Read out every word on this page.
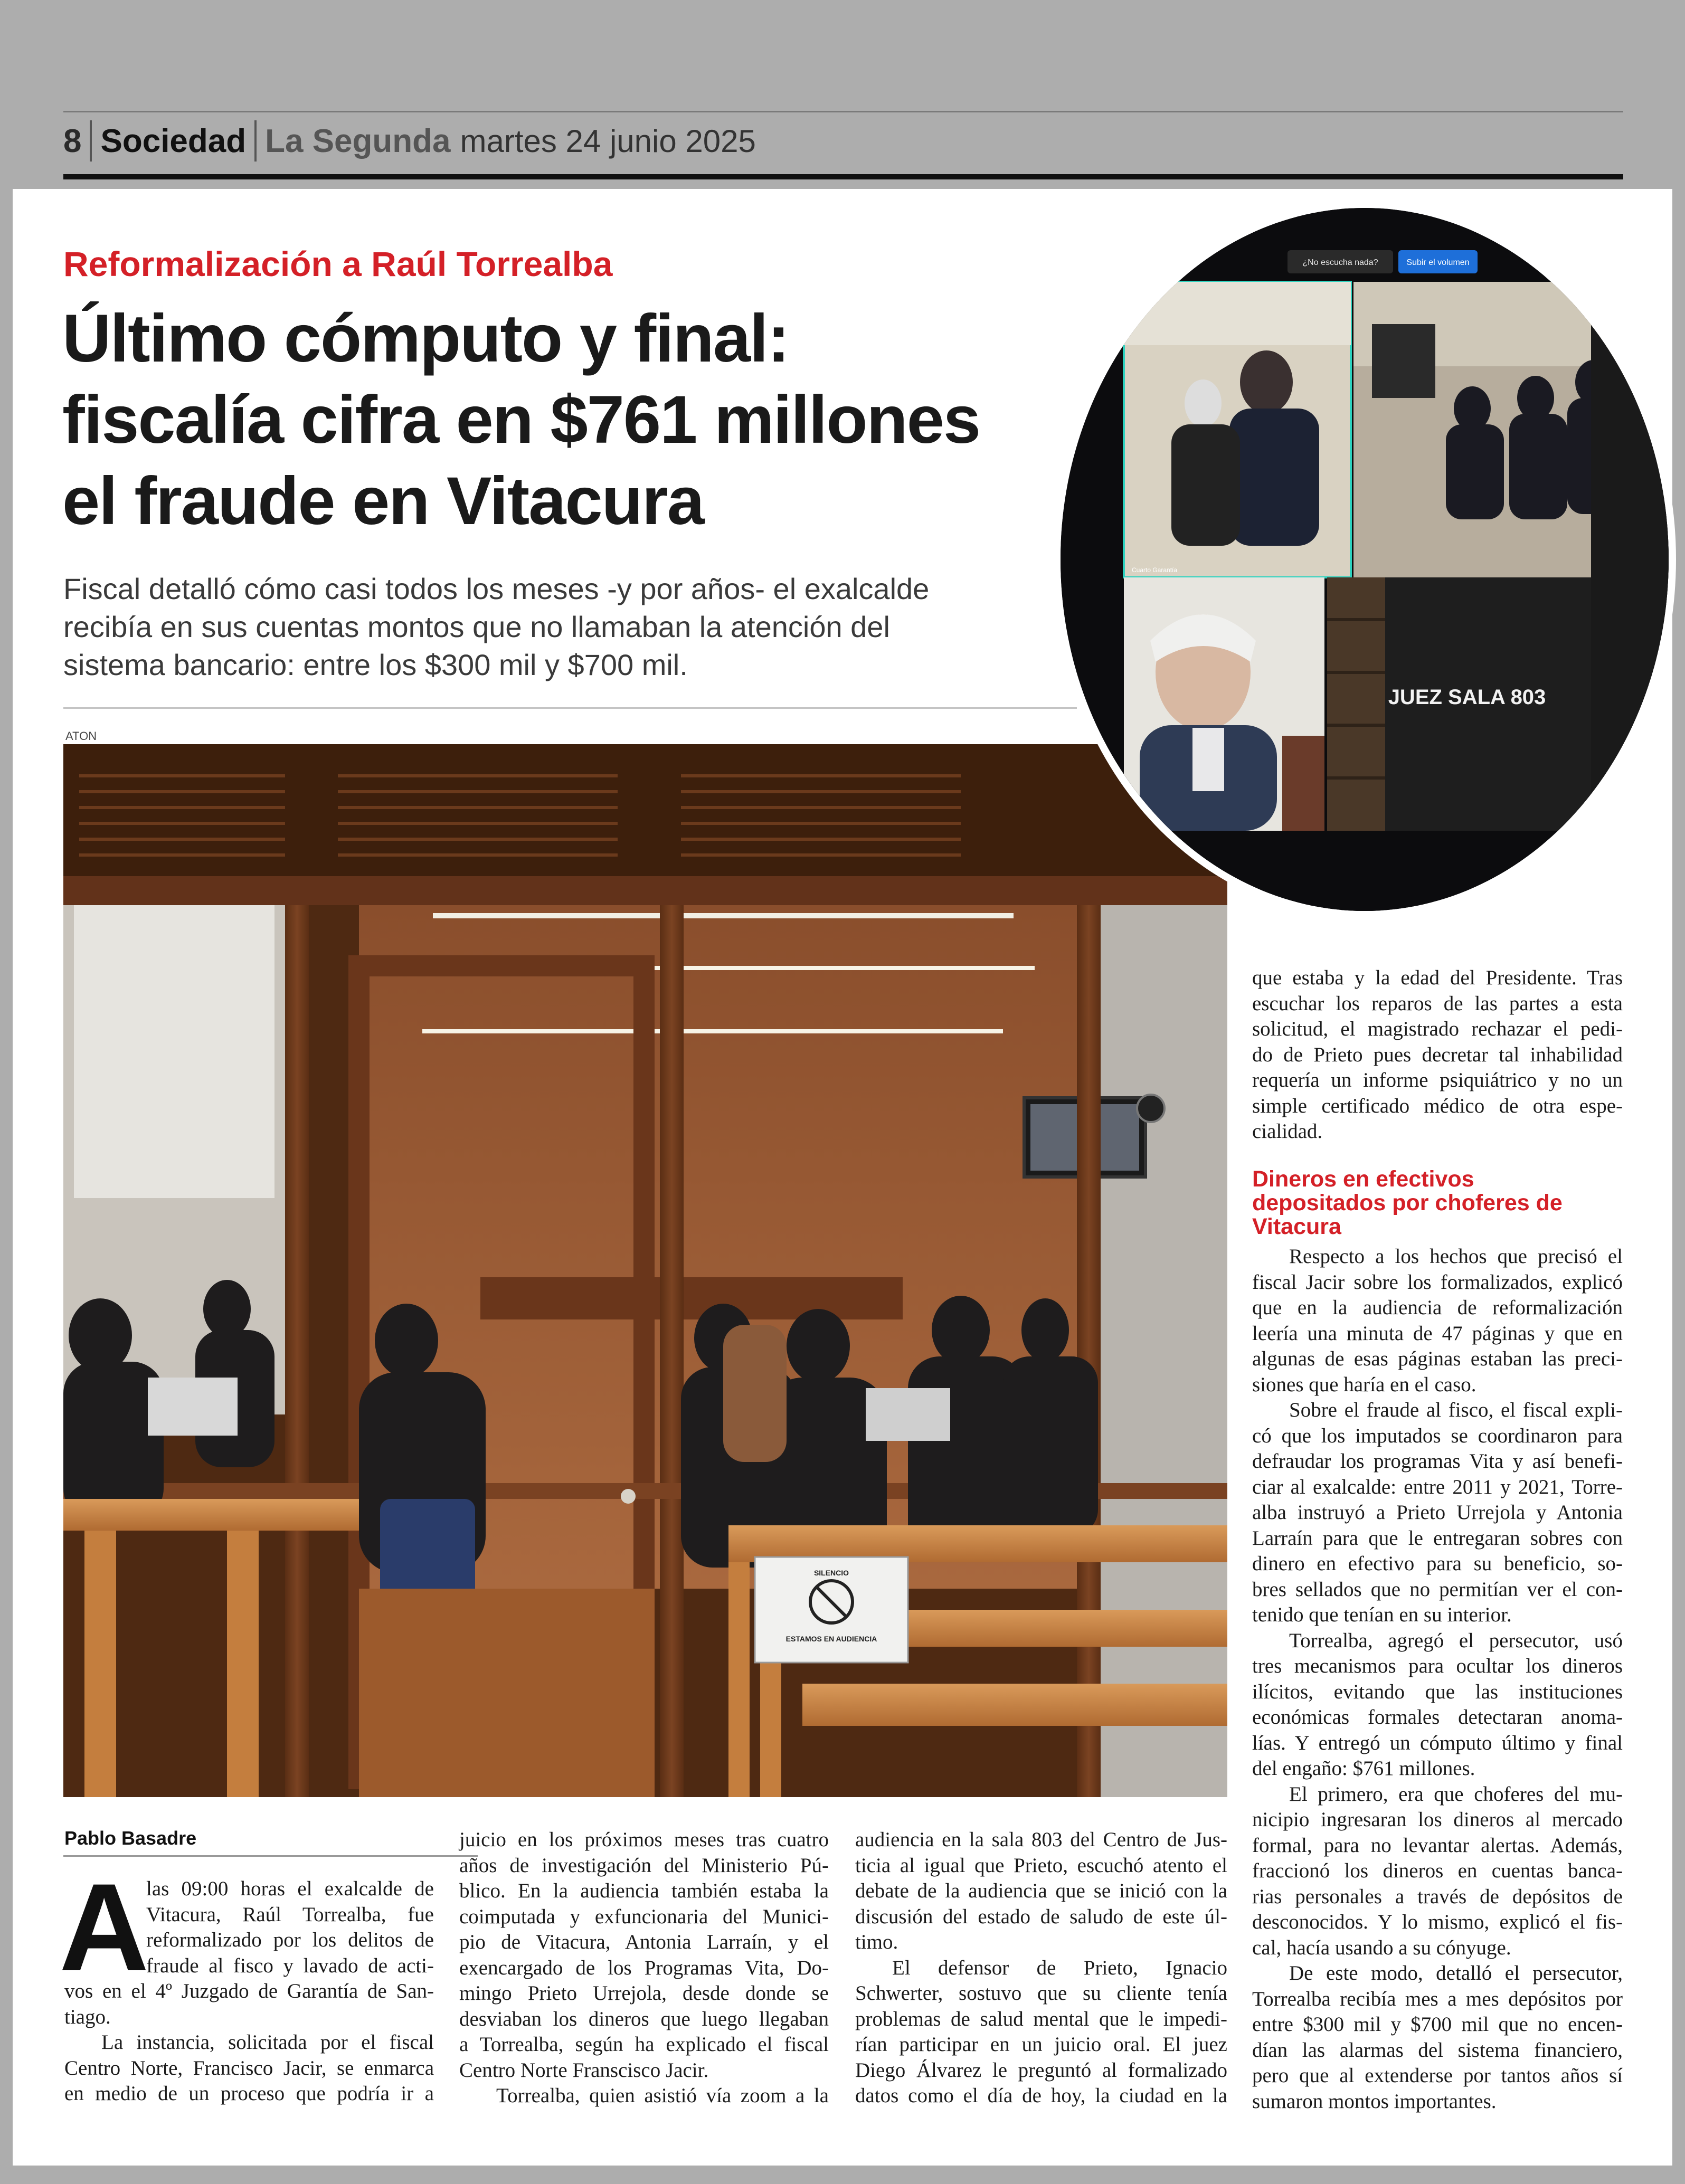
8 Sociedad La Segunda martes 24 junio 2025
Reformalización a Raúl Torrealba
Último cómputo y final:
fiscalía cifra en $761 millones
el fraude en Vitacura
Fiscal detalló cómo casi todos los meses -y por años- el exalcalde
recibía en sus cuentas montos que no llamaban la atención del
sistema bancario: entre los $300 mil y $700 mil.
ATON
SILENCIO
ESTAMOS EN AUDIENCIA
¿No escucha nada?	Subir el volumen
Cuarto Garantía
JUEZ SALA 803
Pablo Basadre
A
las 09:00 horas el exalcalde de
Vitacura, Raúl Torrealba, fue
reformalizado por los delitos de
fraude al fisco y lavado de acti-
vos en el 4º Juzgado de Garantía de San-
tiago.
La instancia, solicitada por el fiscal
Centro Norte, Francisco Jacir, se enmarca
en medio de un proceso que podría ir a
juicio en los próximos meses tras cuatro
años de investigación del Ministerio Pú-
blico. En la audiencia también estaba la
coimputada y exfuncionaria del Munici-
pio de Vitacura, Antonia Larraín, y el
exencargado de los Programas Vita, Do-
mingo Prieto Urrejola, desde donde se
desviaban los dineros que luego llegaban
a Torrealba, según ha explicado el fiscal
Centro Norte Franscisco Jacir.
Torrealba, quien asistió vía zoom a la
audiencia en la sala 803 del Centro de Jus-
ticia al igual que Prieto, escuchó atento el
debate de la audiencia que se inició con la
discusión del estado de saludo de este úl-
timo.
El defensor de Prieto, Ignacio
Schwerter, sostuvo que su cliente tenía
problemas de salud mental que le impedi-
rían participar en un juicio oral. El juez
Diego Álvarez le preguntó al formalizado
datos como el día de hoy, la ciudad en la
que estaba y la edad del Presidente. Tras
escuchar los reparos de las partes a esta
solicitud, el magistrado rechazar el pedi-
do de Prieto pues decretar tal inhabilidad
requería un informe psiquiátrico y no un
simple certificado médico de otra espe-
cialidad.
Dineros en efectivos
depositados por choferes de
Vitacura
Respecto a los hechos que precisó el
fiscal Jacir sobre los formalizados, explicó
que en la audiencia de reformalización
leería una minuta de 47 páginas y que en
algunas de esas páginas estaban las preci-
siones que haría en el caso.
Sobre el fraude al fisco, el fiscal expli-
có que los imputados se coordinaron para
defraudar los programas Vita y así benefi-
ciar al exalcalde: entre 2011 y 2021, Torre-
alba instruyó a Prieto Urrejola y Antonia
Larraín para que le entregaran sobres con
dinero en efectivo para su beneficio, so-
bres sellados que no permitían ver el con-
tenido que tenían en su interior.
Torrealba, agregó el persecutor, usó
tres mecanismos para ocultar los dineros
ilícitos, evitando que las instituciones
económicas formales detectaran anoma-
lías. Y entregó un cómputo último y final
del engaño: $761 millones.
El primero, era que choferes del mu-
nicipio ingresaran los dineros al mercado
formal, para no levantar alertas. Además,
fraccionó los dineros en cuentas banca-
rias personales a través de depósitos de
desconocidos. Y lo mismo, explicó el fis-
cal, hacía usando a su cónyuge.
De este modo, detalló el persecutor,
Torrealba recibía mes a mes depósitos por
entre $300 mil y $700 mil que no encen-
dían las alarmas del sistema financiero,
pero que al extenderse por tantos años sí
sumaron montos importantes.
